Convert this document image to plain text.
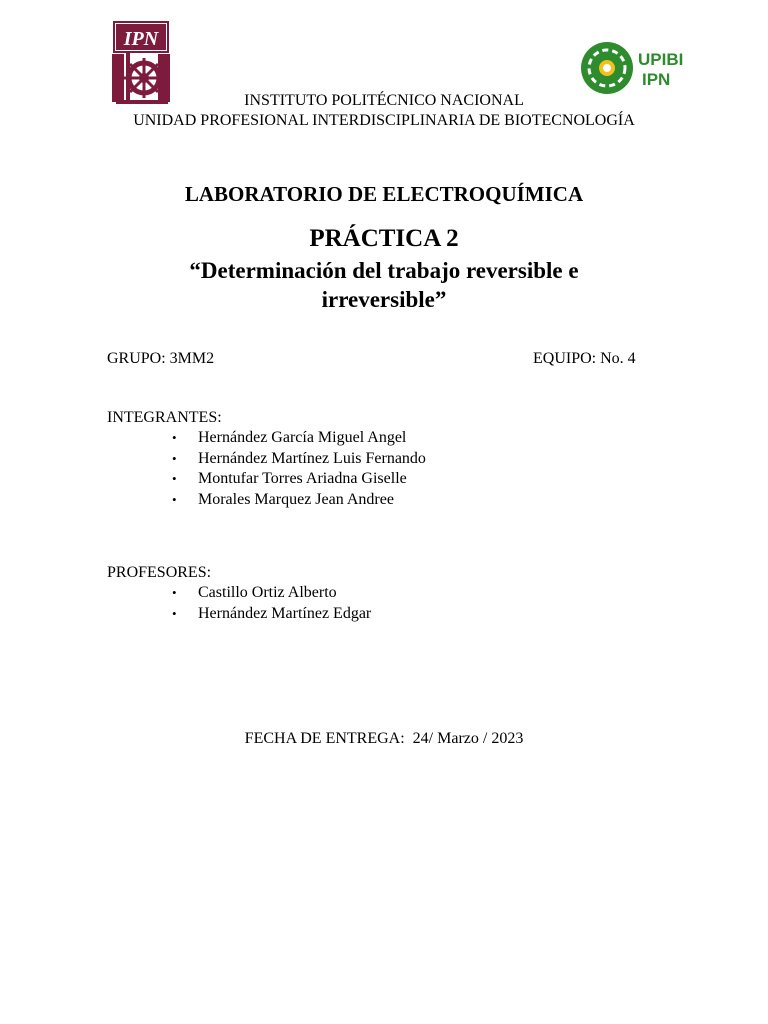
IPN
UPIBI
IPN
INSTITUTO POLITÉCNICO NACIONAL
UNIDAD PROFESIONAL INTERDISCIPLINARIA DE BIOTECNOLOGÍA
LABORATORIO DE ELECTROQUÍMICA
PRÁCTICA 2
“Determinación del trabajo reversible e irreversible”
GRUPO: 3MM2	EQUIPO: No. 4
INTEGRANTES:
• Hernández García Miguel Angel
• Hernández Martínez Luis Fernando
• Montufar Torres Ariadna Giselle
• Morales Marquez Jean Andree
PROFESORES:
• Castillo Ortiz Alberto
• Hernández Martínez Edgar
FECHA DE ENTREGA:  24/ Marzo / 2023
